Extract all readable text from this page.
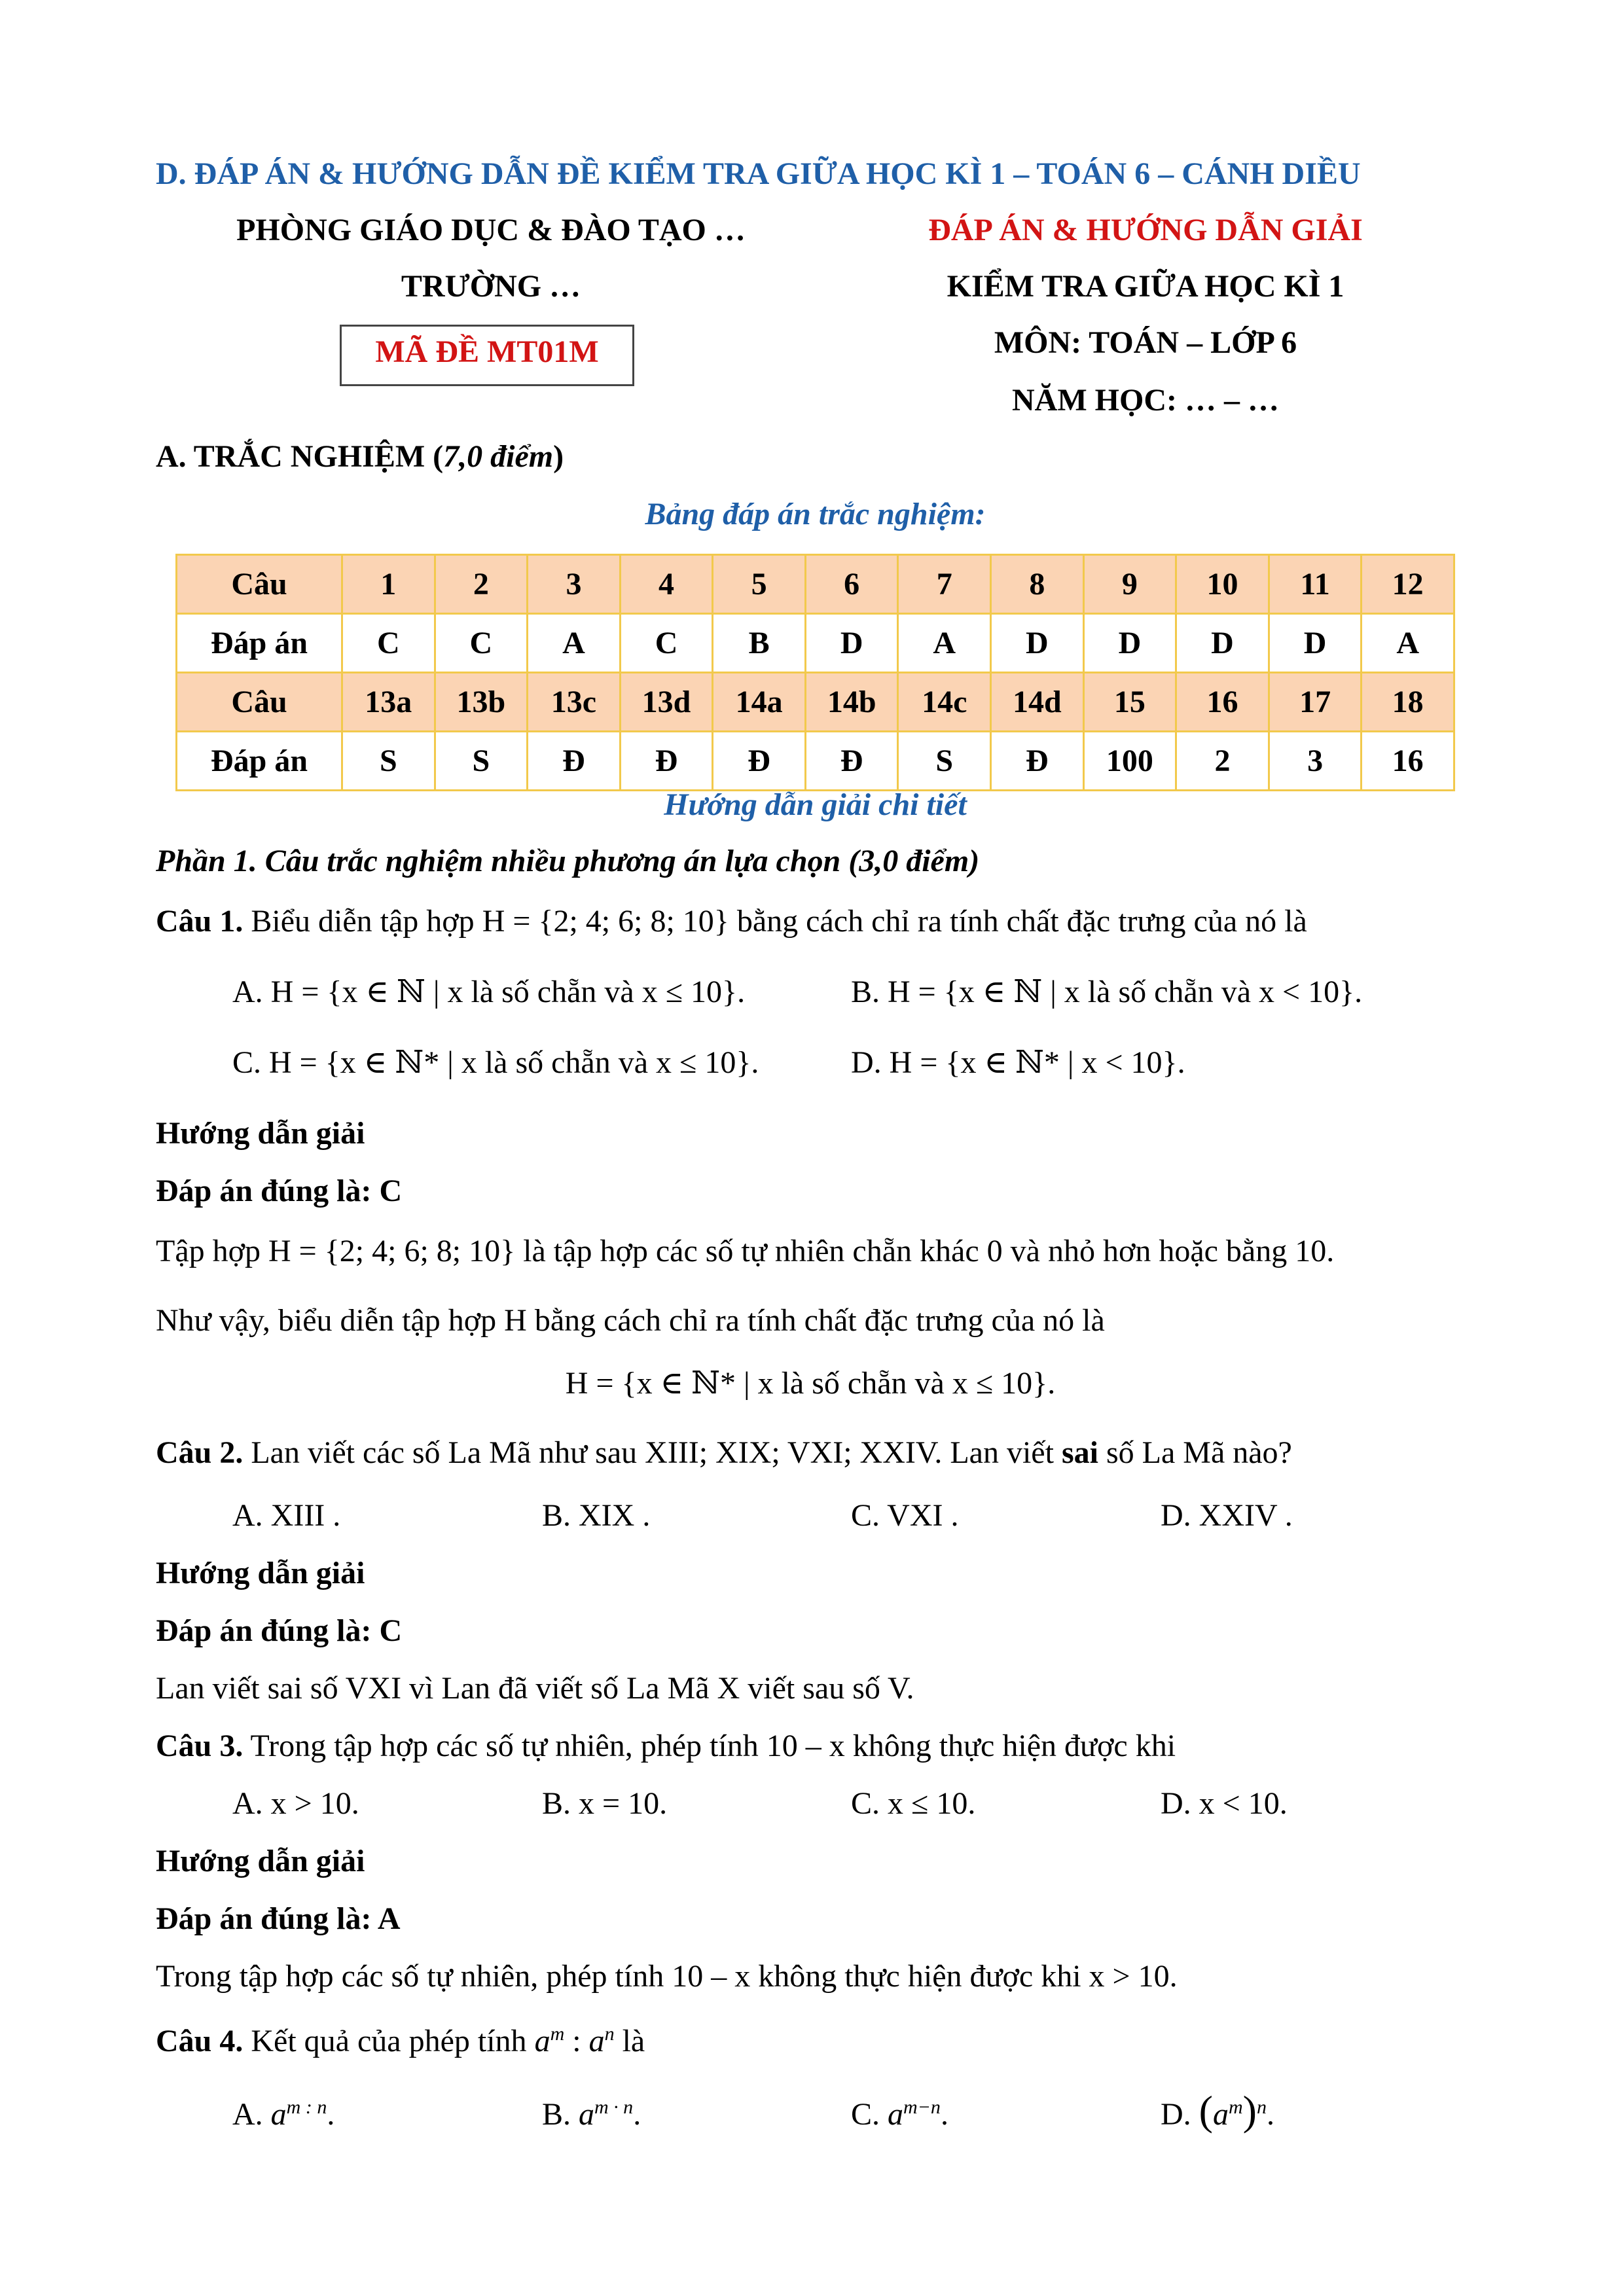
D. ĐÁP ÁN & HƯỚNG DẪN ĐỀ KIỂM TRA GIỮA HỌC KÌ 1 – TOÁN 6 – CÁNH DIỀU
PHÒNG GIÁO DỤC & ĐÀO TẠO …
TRƯỜNG …
MÃ ĐỀ MT01M
ĐÁP ÁN & HƯỚNG DẪN GIẢI
KIỂM TRA GIỮA HỌC KÌ 1
MÔN: TOÁN – LỚP 6
NĂM HỌC: … – …
A. TRẮC NGHIỆM (7,0 điểm)
Bảng đáp án trắc nghiệm:
Câu	1	2	3	4	5	6	7	8	9	10	11	12
Đáp án	C	C	A	C	B	D	A	D	D	D	D	A
Câu	13a	13b	13c	13d	14a	14b	14c	14d	15	16	17	18
Đáp án	S	S	Đ	Đ	Đ	Đ	S	Đ	100	2	3	16
Hướng dẫn giải chi tiết
Phần 1. Câu trắc nghiệm nhiều phương án lựa chọn (3,0 điểm)
Câu 1. Biểu diễn tập hợp H = {2; 4; 6; 8; 10} bằng cách chỉ ra tính chất đặc trưng của nó là
A. H = {x ∈ ℕ | x là số chẵn và x ≤ 10}.	B. H = {x ∈ ℕ | x là số chẵn và x < 10}.
C. H = {x ∈ ℕ* | x là số chẵn và x ≤ 10}.	D. H = {x ∈ ℕ* | x < 10}.
Hướng dẫn giải
Đáp án đúng là: C
Tập hợp H = {2; 4; 6; 8; 10} là tập hợp các số tự nhiên chẵn khác 0 và nhỏ hơn hoặc bằng 10.
Như vậy, biểu diễn tập hợp H bằng cách chỉ ra tính chất đặc trưng của nó là
H = {x ∈ ℕ* | x là số chẵn và x ≤ 10}.
Câu 2. Lan viết các số La Mã như sau XIII; XIX; VXI; XXIV. Lan viết sai số La Mã nào?
A. XIII .	B. XIX .	C. VXI .	D. XXIV .
Hướng dẫn giải
Đáp án đúng là: C
Lan viết sai số VXI vì Lan đã viết số La Mã X viết sau số V.
Câu 3. Trong tập hợp các số tự nhiên, phép tính 10 – x không thực hiện được khi
A. x > 10.	B. x = 10.	C. x ≤ 10.	D. x < 10.
Hướng dẫn giải
Đáp án đúng là: A
Trong tập hợp các số tự nhiên, phép tính 10 – x không thực hiện được khi x > 10.
Câu 4. Kết quả của phép tính $a^m$ : $a^n$ là
A. $a^{m : n}$.	B. $a^{m \cdot n}$.	C. $a^{m-n}$.	D. $(a^m)^n$.
